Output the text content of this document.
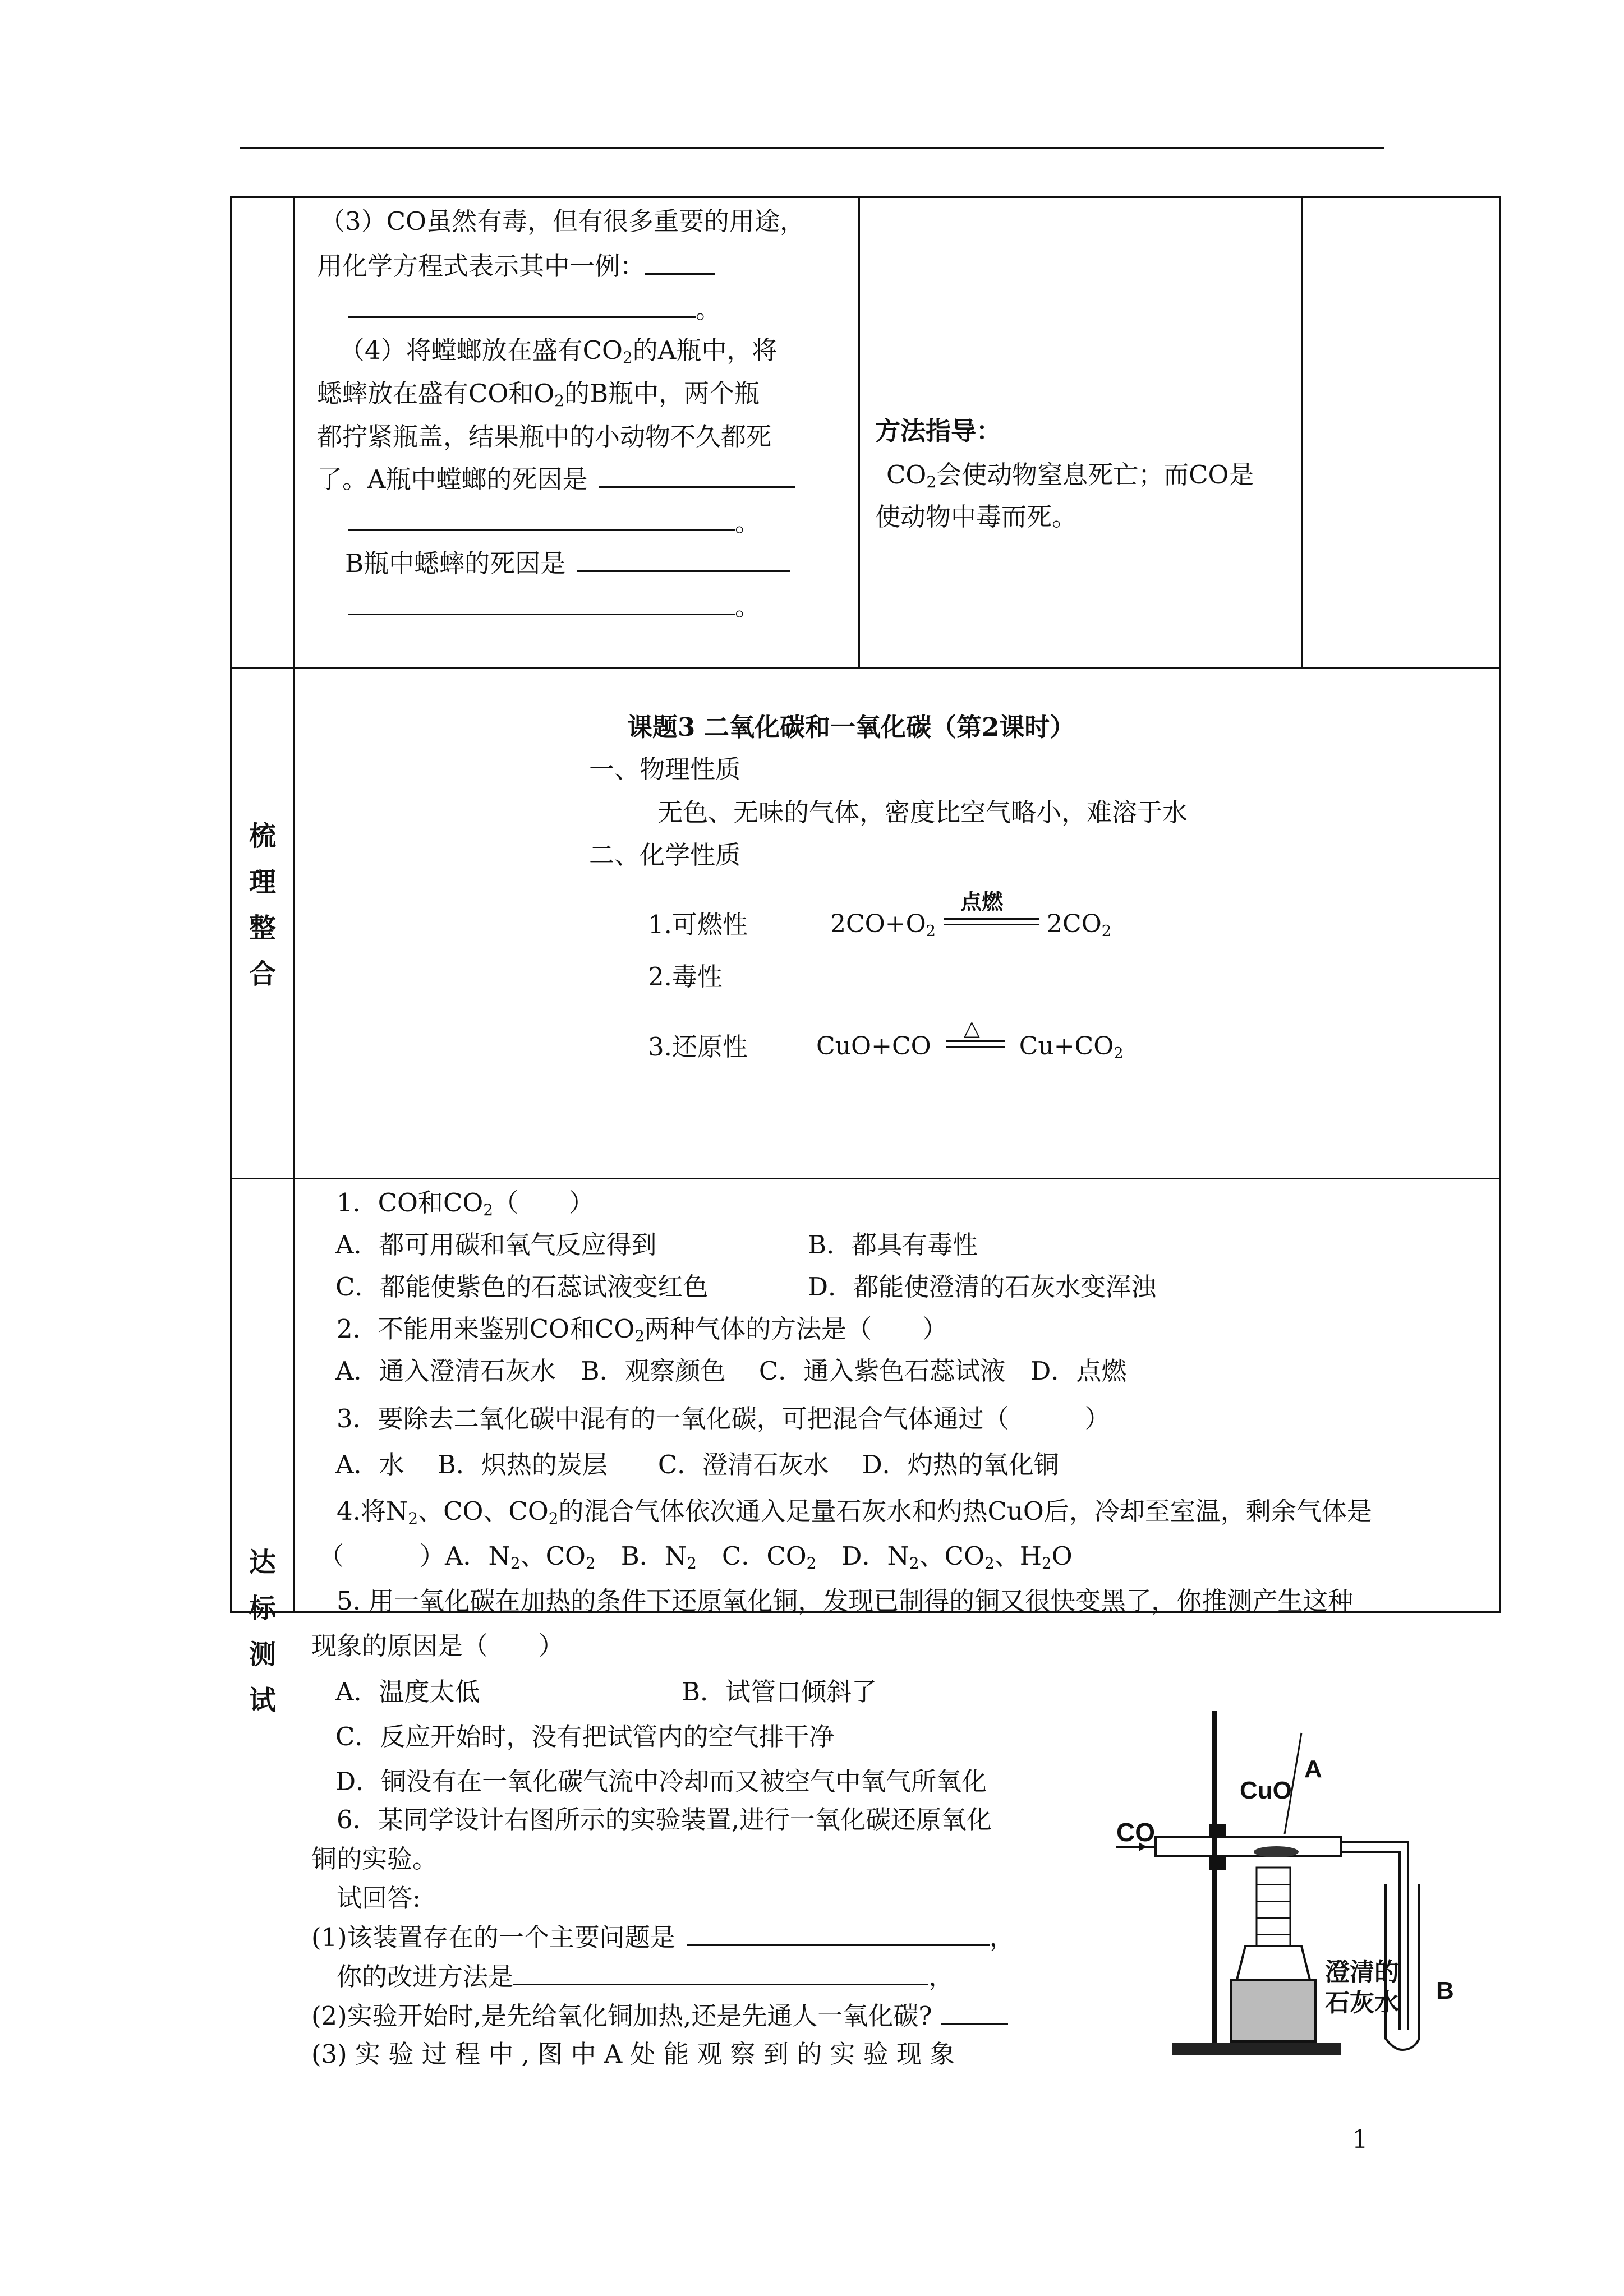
（3）CO虽然有毒，但有很多重要的用途，
用化学方程式表示其中一例：
。
（4）将螳螂放在盛有$CO_2$的A瓶中，将
蟋蟀放在盛有CO和$O_2$的B瓶中，两个瓶
都拧紧瓶盖，结果瓶中的小动物不久都死
了。A瓶中螳螂的死因是
。
B瓶中蟋蟀的死因是
。
方法指导：
$CO_2$会使动物窒息死亡；而CO是
使动物中毒而死。
梳
理
整
合
课题3 二氧化碳和一氧化碳（第2课时）
一、物理性质
无色、无味的气体，密度比空气略小，难溶于水
二、化学性质
1.可燃性	$2CO+O_2$
点燃
$2CO_2$
2.毒性
3.还原性	CuO+CO
△
$Cu+CO_2$
达
标
测
试
1．CO和$CO_2$（　　）
A．都可用碳和氧气反应得到	B．都具有毒性
C．都能使紫色的石蕊试液变红色	D．都能使澄清的石灰水变浑浊
2．不能用来鉴别CO和$CO_2$两种气体的方法是（　　）
A．通入澄清石灰水　B．观察颜色　 C．通入紫色石蕊试液　D．点燃
3．要除去二氧化碳中混有的一氧化碳，可把混合气体通过（　　　）
A．水　 B．炽热的炭层　　C．澄清石灰水　 D．灼热的氧化铜
4.将$N_2$、CO、$CO_2$的混合气体依次通入足量石灰水和灼热CuO后，冷却至室温，剩余气体是
（　　　）A．$N_2$、$CO_2$　B．$N_2$　C．$CO_2$　D．$N_2$、$CO_2$、$H_2O$
5. 用一氧化碳在加热的条件下还原氧化铜，发现已制得的铜又很快变黑了，你推测产生这种
现象的原因是（　　）
A．温度太低	B．试管口倾斜了
C．反应开始时，没有把试管内的空气排干净
D．铜没有在一氧化碳气流中冷却而又被空气中氧气所氧化
6．某同学设计右图所示的实验装置,进行一氧化碳还原氧化
铜的实验。
试回答:
(1)该装置存在的一个主要问题是	，
你的改进方法是	，
(2)实验开始时,是先给氧化铜加热,还是先通人一氧化碳?
(3) 实 验 过 程 中 , 图 中 A 处 能 观 察 到 的 实 验 现 象
CO
CuO
A
澄清的
石灰水 B
1
